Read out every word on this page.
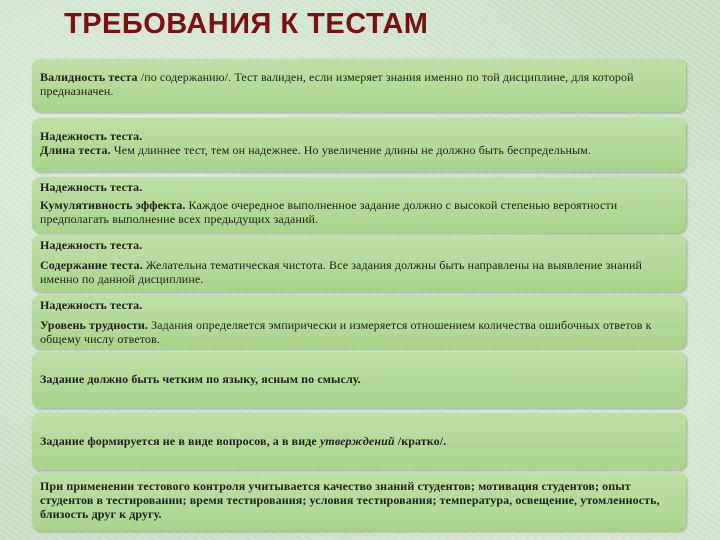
ТРЕБОВАНИЯ К ТЕСТАМ
Валидность теста /по содержанию/. Тест валиден, если измеряет знания именно по той дисциплине, для которой предназначен.
Надежность теста.
Длина теста. Чем длиннее тест, тем он надежнее. Но увеличение длины не должно быть беспредельным.
Надежность теста.
Кумулятивность эффекта. Каждое очередное выполненное задание должно с высокой степенью вероятности предполагать выполнение всех предыдущих заданий.
Надежность теста.
Содержание теста. Желательна тематическая чистота. Все задания должны быть направлены на выявление знаний именно по данной дисциплине.
Надежность теста.
Уровень трудности. Задания определяется эмпирически и измеряется отношением количества ошибочных ответов к общему числу ответов.
Задание должно быть четким по языку, ясным по смыслу.
Задание формируется не в виде вопросов, а в виде утверждений /кратко/.
При применении тестового контроля учитывается качество знаний студентов; мотивация студентов; опыт студентов в тестировании; время тестирования; условия тестирования; температура, освещение, утомленность, близость друг к другу.
